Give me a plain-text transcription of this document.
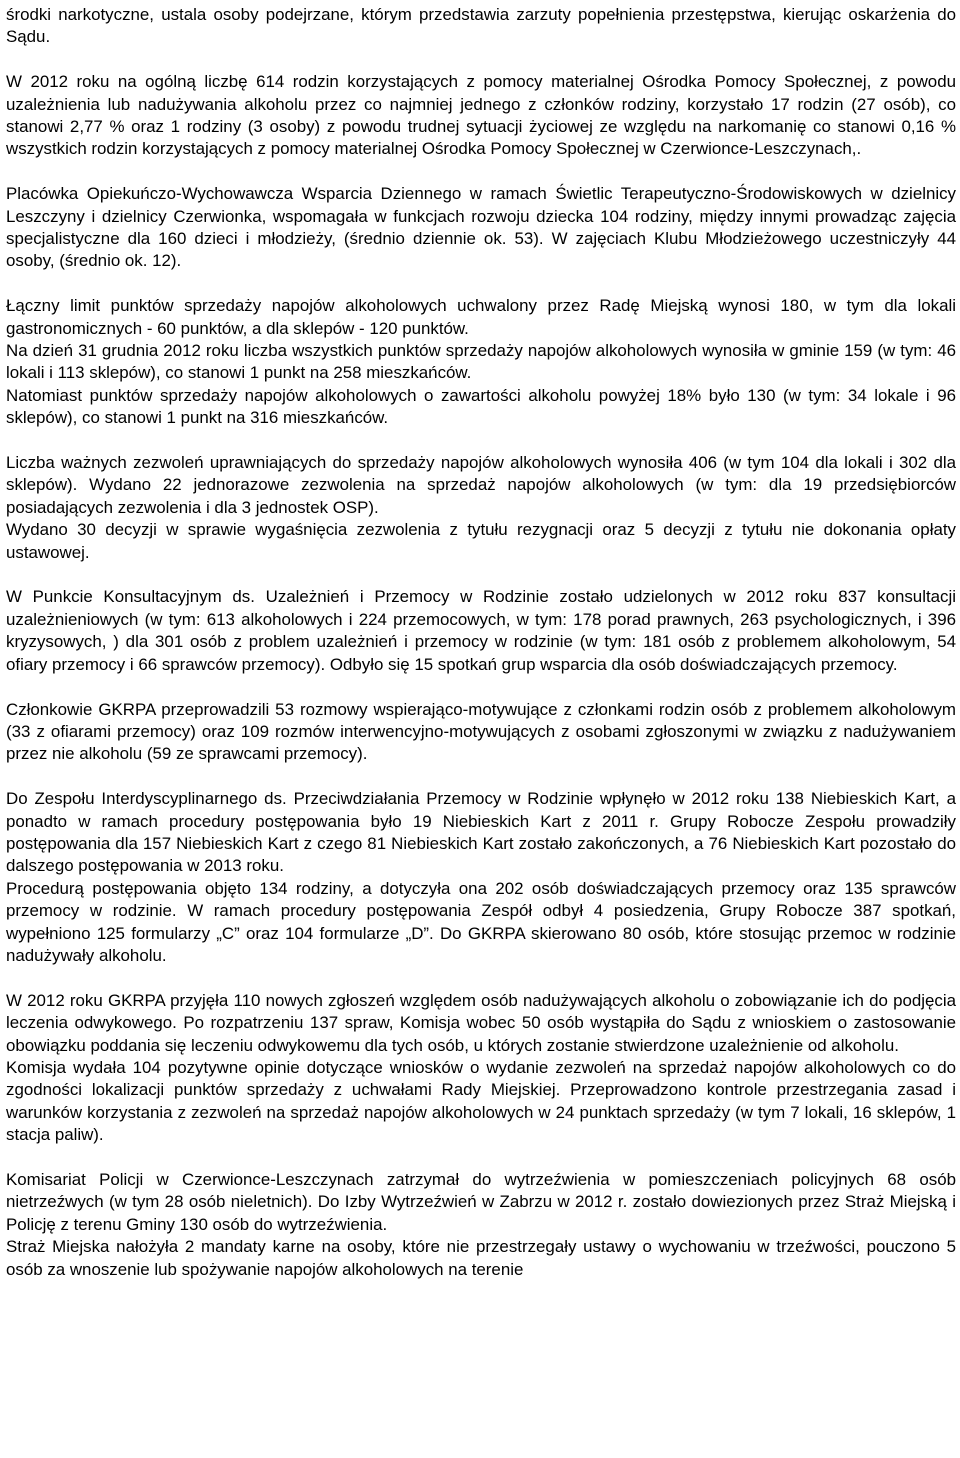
środki narkotyczne, ustala osoby podejrzane, którym przedstawia zarzuty popełnienia przestępstwa, kierując oskarżenia do Sądu.

W 2012 roku na ogólną liczbę 614 rodzin korzystających z pomocy materialnej Ośrodka Pomocy Społecznej, z powodu uzależnienia lub nadużywania alkoholu przez co najmniej jednego z członków rodziny, korzystało 17 rodzin (27 osób), co stanowi 2,77 % oraz 1 rodziny (3 osoby) z powodu trudnej sytuacji życiowej ze względu na narkomanię co stanowi 0,16 % wszystkich rodzin korzystających z pomocy materialnej Ośrodka Pomocy Społecznej w Czerwionce-Leszczynach,.

Placówka Opiekuńczo-Wychowawcza Wsparcia Dziennego w ramach Świetlic Terapeutyczno-Środowiskowych w dzielnicy Leszczyny i dzielnicy Czerwionka, wspomagała w funkcjach rozwoju dziecka 104 rodziny, między innymi prowadząc zajęcia specjalistyczne dla 160 dzieci i młodzieży, (średnio dziennie ok. 53). W zajęciach Klubu Młodzieżowego uczestniczyły 44 osoby, (średnio ok. 12).

Łączny limit punktów sprzedaży napojów alkoholowych uchwalony przez Radę Miejską wynosi 180, w tym dla lokali gastronomicznych - 60 punktów, a dla sklepów - 120 punktów.

Na dzień 31 grudnia 2012 roku liczba wszystkich punktów sprzedaży napojów alkoholowych wynosiła w gminie 159 (w tym: 46 lokali i 113 sklepów), co stanowi 1 punkt na 258 mieszkańców.

Natomiast punktów sprzedaży napojów alkoholowych o zawartości alkoholu powyżej 18% było 130 (w tym: 34 lokale i 96 sklepów), co stanowi 1 punkt na 316 mieszkańców.

Liczba ważnych zezwoleń uprawniających do sprzedaży napojów alkoholowych wynosiła 406 (w tym 104 dla lokali i 302 dla sklepów). Wydano 22 jednorazowe zezwolenia na sprzedaż napojów alkoholowych (w tym: dla 19 przedsiębiorców posiadających zezwolenia i dla 3 jednostek OSP).

Wydano 30 decyzji w sprawie wygaśnięcia zezwolenia z tytułu rezygnacji oraz 5 decyzji z tytułu nie dokonania opłaty ustawowej.

W Punkcie Konsultacyjnym ds. Uzależnień i Przemocy w Rodzinie zostało udzielonych w 2012 roku 837 konsultacji uzależnieniowych (w tym: 613 alkoholowych i 224 przemocowych, w tym: 178 porad prawnych, 263 psychologicznych, i 396 kryzysowych, ) dla 301 osób z problem uzależnień i przemocy w rodzinie (w tym: 181 osób z problemem alkoholowym, 54 ofiary przemocy i 66 sprawców przemocy). Odbyło się 15 spotkań grup wsparcia dla osób doświadczających przemocy.

Członkowie GKRPA przeprowadzili 53 rozmowy wspierająco-motywujące z członkami rodzin osób z problemem alkoholowym (33 z ofiarami przemocy) oraz 109 rozmów interwencyjno-motywujących z osobami zgłoszonymi w związku z nadużywaniem przez nie alkoholu (59 ze sprawcami przemocy).

Do Zespołu Interdyscyplinarnego ds. Przeciwdziałania Przemocy w Rodzinie wpłynęło w 2012 roku 138 Niebieskich Kart, a ponadto w ramach procedury postępowania było 19 Niebieskich Kart z 2011 r. Grupy Robocze Zespołu prowadziły postępowania dla 157 Niebieskich Kart z czego 81 Niebieskich Kart zostało zakończonych, a 76 Niebieskich Kart pozostało do dalszego postępowania w 2013 roku.

Procedurą postępowania objęto 134 rodziny, a dotyczyła ona 202 osób doświadczających przemocy oraz 135 sprawców przemocy w rodzinie. W ramach procedury postępowania Zespół odbył 4 posiedzenia, Grupy Robocze 387 spotkań, wypełniono 125 formularzy „C” oraz 104 formularze „D”. Do GKRPA skierowano 80 osób, które stosując przemoc w rodzinie nadużywały alkoholu.

W 2012 roku GKRPA przyjęła 110 nowych zgłoszeń względem osób nadużywających alkoholu o zobowiązanie ich do podjęcia leczenia odwykowego. Po rozpatrzeniu 137 spraw, Komisja wobec 50 osób wystąpiła do Sądu z wnioskiem o zastosowanie obowiązku poddania się leczeniu odwykowemu dla tych osób, u których zostanie stwierdzone uzależnienie od alkoholu.

Komisja wydała 104 pozytywne opinie dotyczące wniosków o wydanie zezwoleń na sprzedaż napojów alkoholowych co do zgodności lokalizacji punktów sprzedaży z uchwałami Rady Miejskiej. Przeprowadzono kontrole przestrzegania zasad i warunków korzystania z zezwoleń na sprzedaż napojów alkoholowych w 24 punktach sprzedaży (w tym 7 lokali, 16 sklepów, 1 stacja paliw).

Komisariat Policji w Czerwionce-Leszczynach zatrzymał do wytrzeźwienia w pomieszczeniach policyjnych 68 osób nietrzeźwych (w tym 28 osób nieletnich). Do Izby Wytrzeźwień w Zabrzu w 2012 r. zostało dowiezionych przez Straż Miejską i Policję z terenu Gminy 130 osób do wytrzeźwienia.

Straż Miejska nałożyła 2 mandaty karne na osoby, które nie przestrzegały ustawy o wychowaniu w trzeźwości, pouczono 5 osób za wnoszenie lub spożywanie napojów alkoholowych na terenie
